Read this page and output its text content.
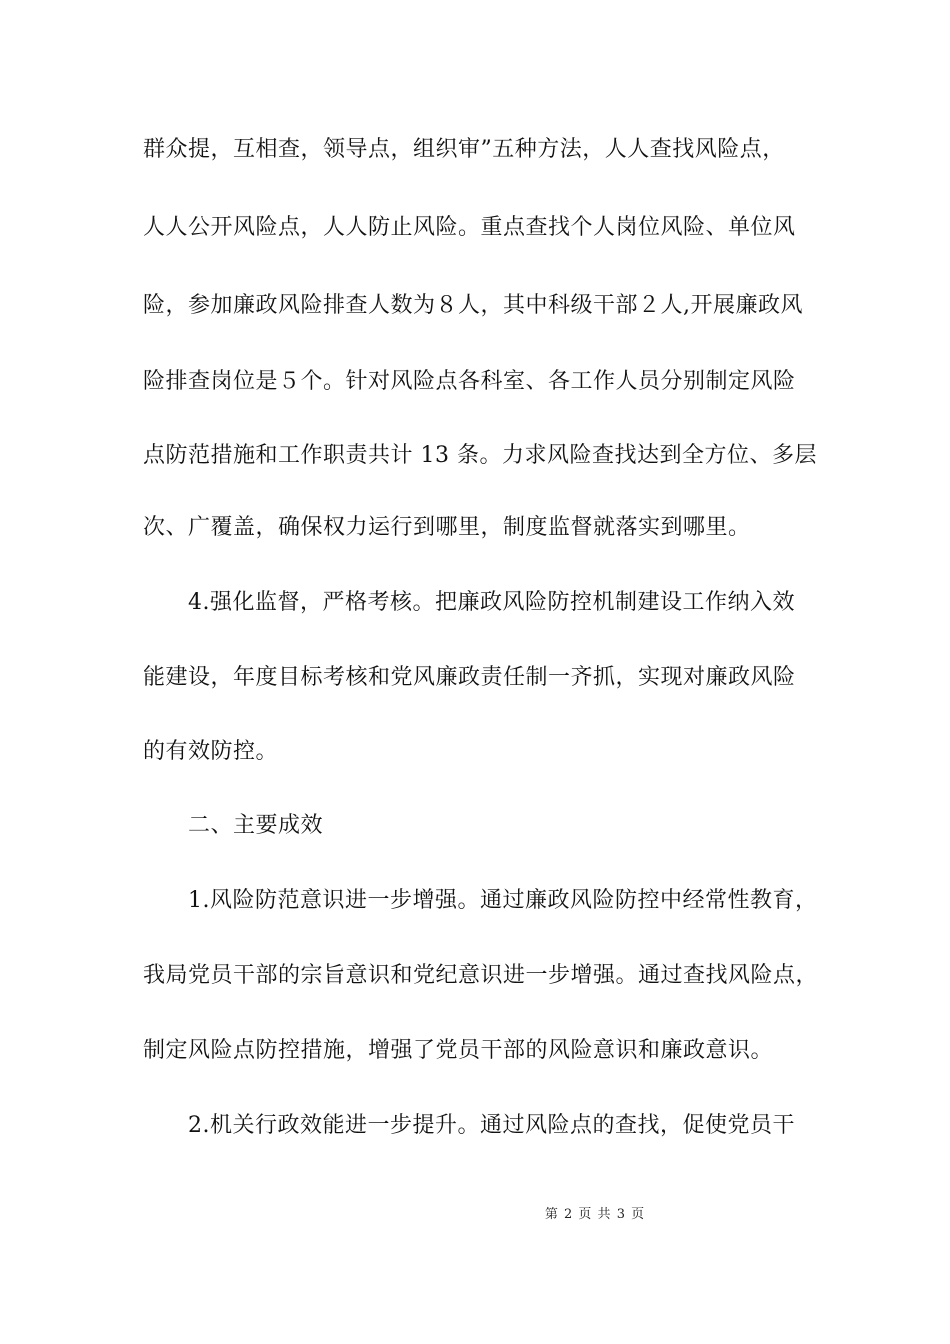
群众提，互相查，领导点，组织审”五种方法，人人查找风险点，
人人公开风险点，人人防止风险。重点查找个人岗位风险、单位风
险，参加廉政风险排查人数为８人，其中科级干部２人,开展廉政风
险排查岗位是５个。针对风险点各科室、各工作人员分别制定风险
点防范措施和工作职责共计 13 条。力求风险查找达到全方位、多层
次、广覆盖，确保权力运行到哪里，制度监督就落实到哪里。
4.强化监督，严格考核。把廉政风险防控机制建设工作纳入效
能建设，年度目标考核和党风廉政责任制一齐抓，实现对廉政风险
的有效防控。
二、主要成效
1.风险防范意识进一步增强。通过廉政风险防控中经常性教育，
我局党员干部的宗旨意识和党纪意识进一步增强。通过查找风险点，
制定风险点防控措施，增强了党员干部的风险意识和廉政意识。
2.机关行政效能进一步提升。通过风险点的查找，促使党员干
第 2 页 共 3 页
